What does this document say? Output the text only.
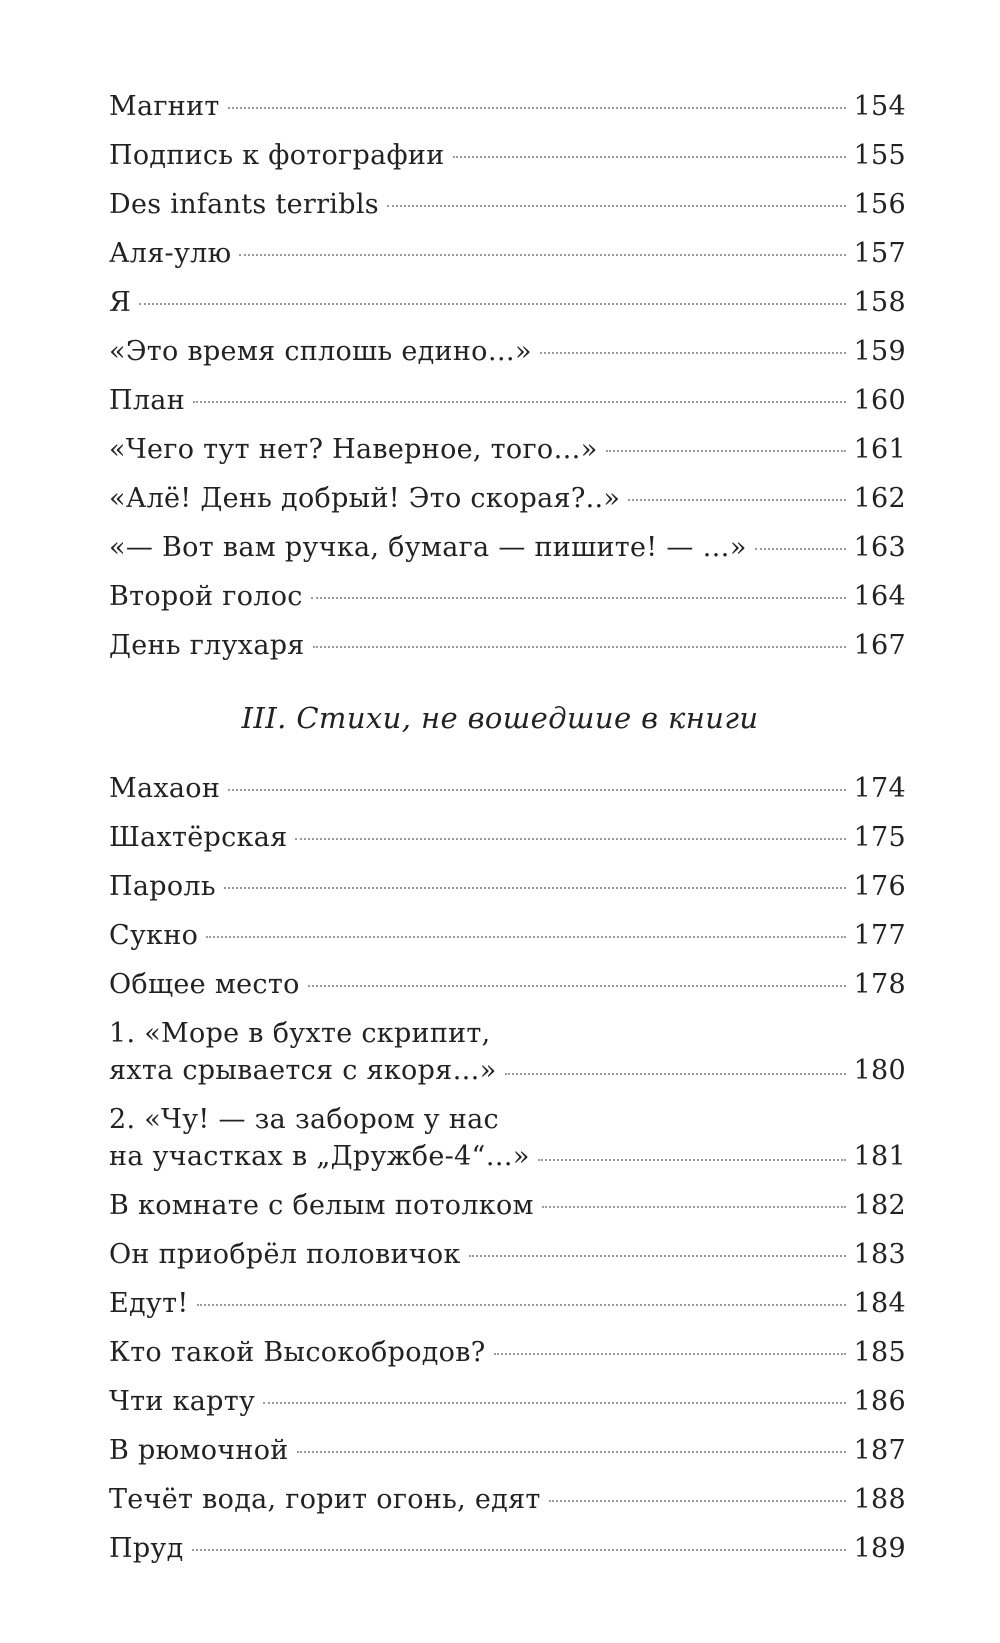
Магнит	154
Подпись к фотографии	155
Des infants terribls	156
Аля-улю	157
Я	158
«Это время сплошь едино…»	159
План	160
«Чего тут нет? Наверное, того…»	161
«Алё! День добрый! Это скорая?..»	162
«— Вот вам ручка, бумага — пишите! — …»	163
Второй голос	164
День глухаря	167
III. Стихи, не вошедшие в книги
Махаон	174
Шахтёрская	175
Пароль	176
Сукно	177
Общее место	178
1. «Море в бухте скрипит,
яхта срывается с якоря…»	180
2. «Чу! — за забором у нас
на участках в „Дружбе-4“…»	181
В комнате с белым потолком	182
Он приобрёл половичок	183
Едут!	184
Кто такой Высокобродов?	185
Чти карту	186
В рюмочной	187
Течёт вода, горит огонь, едят	188
Пруд	189
